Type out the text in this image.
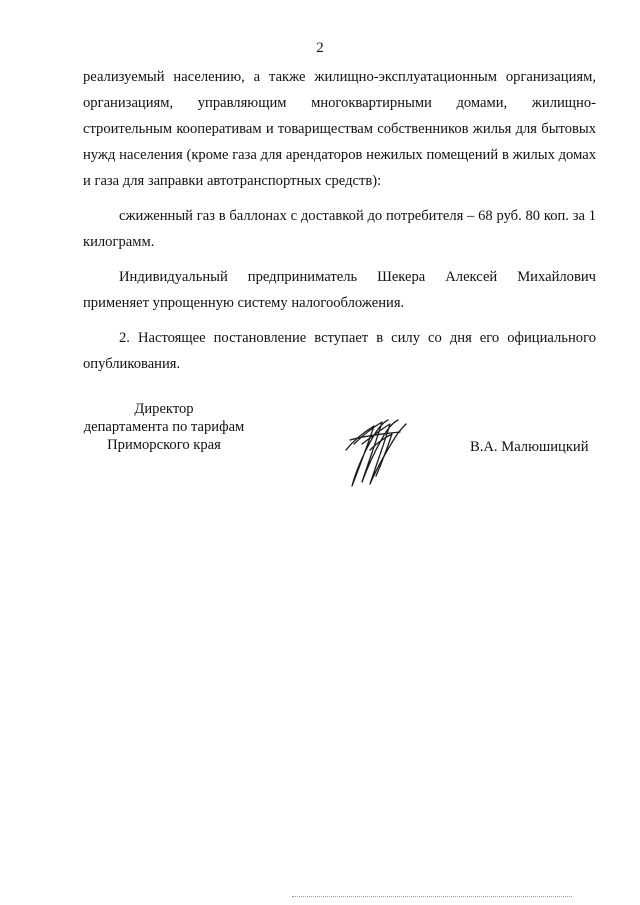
2

реализуемый населению, а также жилищно-эксплуатационным организациям, организациям, управляющим многоквартирными домами, жилищно-строительным кооперативам и товариществам собственников жилья для бытовых нужд населения (кроме газа для арендаторов нежилых помещений в жилых домах и газа для заправки автотранспортных средств):

сжиженный газ в баллонах с доставкой до потребителя – 68 руб. 80 коп. за 1 килограмм.

Индивидуальный предприниматель Шекера Алексей Михайлович применяет упрощенную систему налогообложения.

2. Настоящее постановление вступает в силу со дня его официального опубликования.

Директор
департамента по тарифам
Приморского края	В.А. Малюшицкий
